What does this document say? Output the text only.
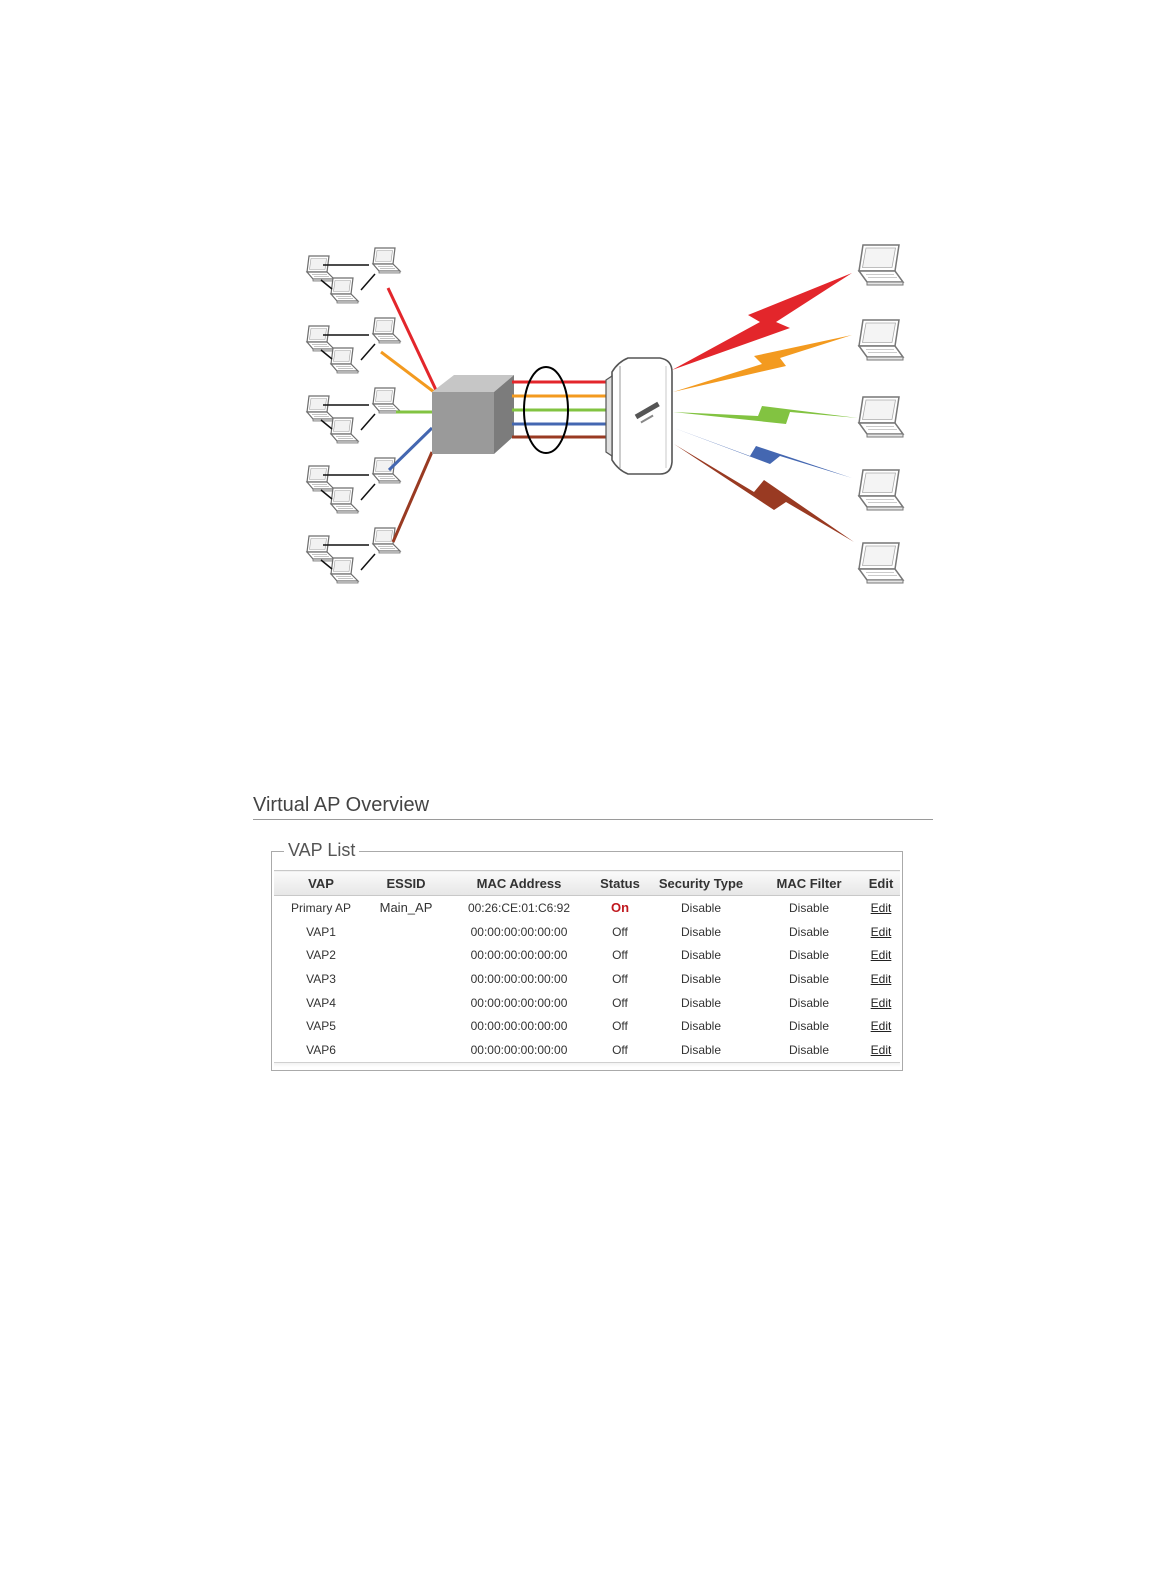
Virtual AP Overview
VAP List
VAP	ESSID	MAC Address	Status	Security Type	MAC Filter	Edit
Primary AP	Main_AP	00:26:CE:01:C6:92	On	Disable	Disable	Edit
VAP1		00:00:00:00:00:00	Off	Disable	Disable	Edit
VAP2		00:00:00:00:00:00	Off	Disable	Disable	Edit
VAP3		00:00:00:00:00:00	Off	Disable	Disable	Edit
VAP4		00:00:00:00:00:00	Off	Disable	Disable	Edit
VAP5		00:00:00:00:00:00	Off	Disable	Disable	Edit
VAP6		00:00:00:00:00:00	Off	Disable	Disable	Edit
